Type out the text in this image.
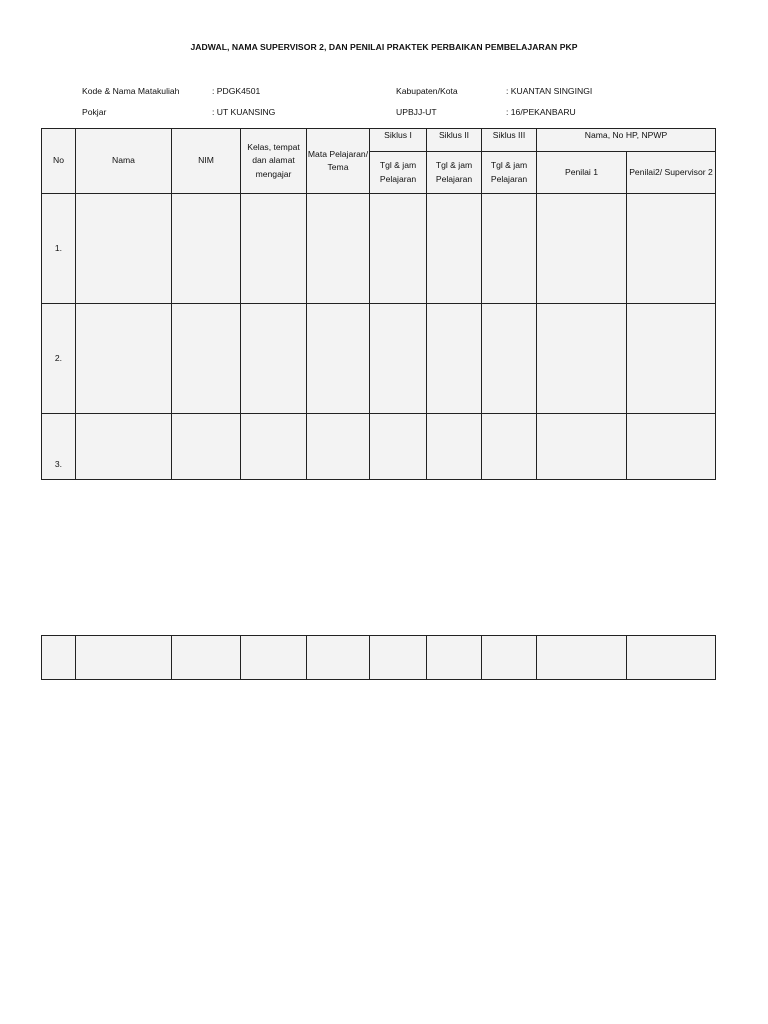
JADWAL, NAMA SUPERVISOR 2, DAN PENILAI PRAKTEK PERBAIKAN PEMBELAJARAN PKP
Kode & Nama Matakuliah	: PDGK4501
Pokjar	: UT KUANSING
Kabupaten/Kota	: KUANTAN SINGINGI
UPBJJ-UT	: 16/PEKANBARU
No	Nama	NIM	Kelas, tempat dan alamat mengajar	Mata Pelajaran/ Tema	Siklus I	Siklus II	Siklus III	Nama, No HP, NPWP	
					Tgl & jam Pelajaran	Tgl & jam Pelajaran	Tgl & jam Pelajaran	Penilai 1	Penilai2/ Supervisor 2
1.									
2.									
3.									
